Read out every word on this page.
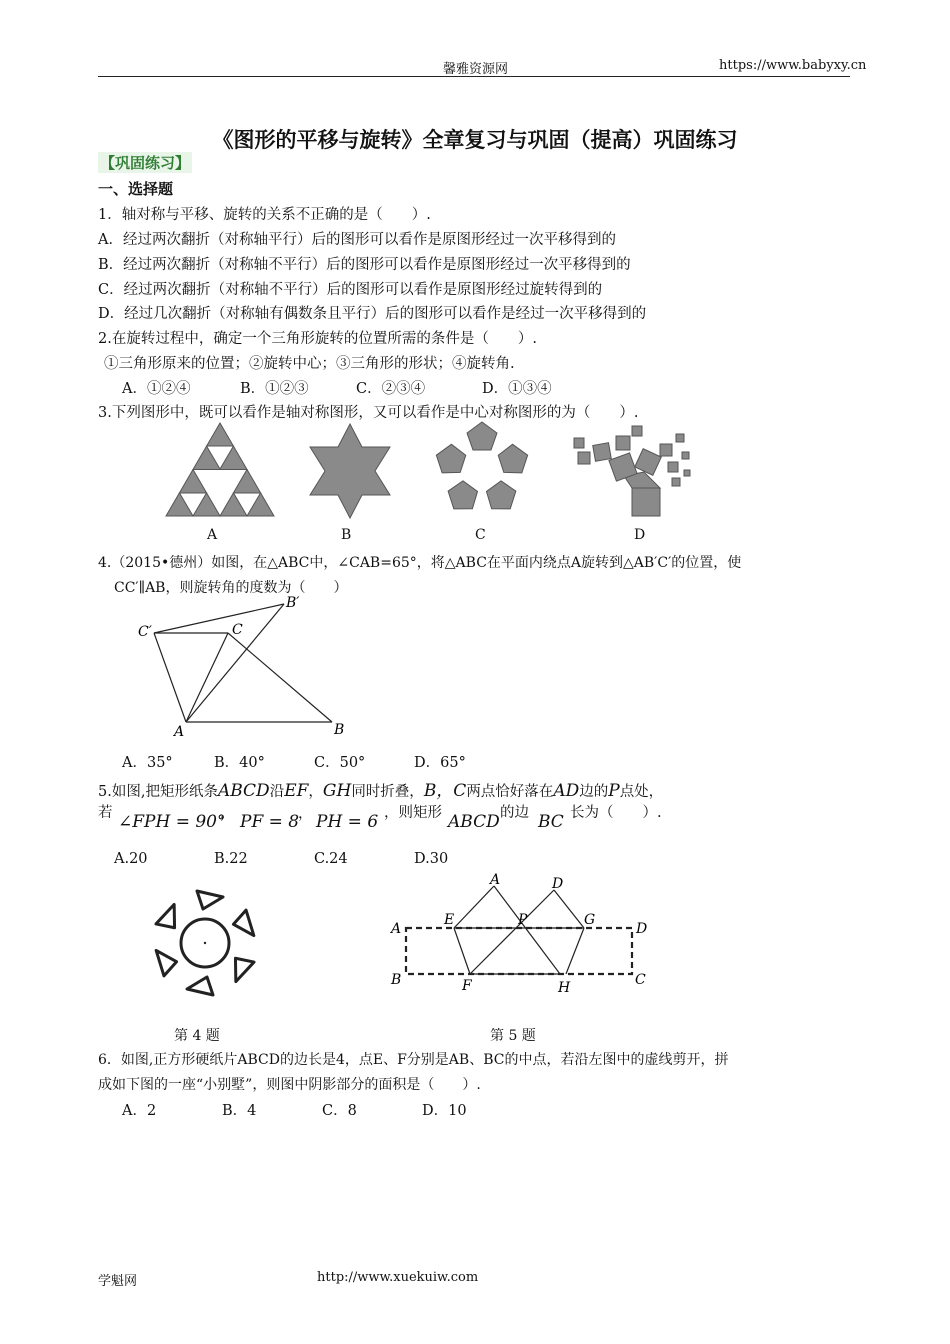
馨雅资源网	https://www.babyxy.cn
《图形的平移与旋转》全章复习与巩固（提高）巩固练习
【巩固练习】
一、选择题
1．轴对称与平移、旋转的关系不正确的是（　　）.
A．经过两次翻折（对称轴平行）后的图形可以看作是原图形经过一次平移得到的
B．经过两次翻折（对称轴不平行）后的图形可以看作是原图形经过一次平移得到的
C．经过两次翻折（对称轴不平行）后的图形可以看作是原图形经过旋转得到的
D．经过几次翻折（对称轴有偶数条且平行）后的图形可以看作是经过一次平移得到的
2.在旋转过程中，确定一个三角形旋转的位置所需的条件是（　　）.
①三角形原来的位置；②旋转中心；③三角形的形状；④旋转角.
A．①②④	B．①②③	C．②③④	D．①③④
3.下列图形中，既可以看作是轴对称图形，又可以看作是中心对称图形的为（　　）.
A	B	C	D
4.（2015•德州）如图，在△ABC中，∠CAB=65°，将△ABC在平面内绕点A旋转到△AB′C′的位置，使
CC′∥AB，则旋转角的度数为（　　）
A	B
C
B′
C′
A．35°	B．40°	C．50°	D．65°
5.如图,把矩形纸条ABCD沿EF，GH同时折叠，B，C两点恰好落在AD边的P点处，
若 ∠FPH = 90°
， PF = 8
， PH = 6 ，则矩形 ABCD 的边 BC 长为（　　）.
A.20	B.22	C.24	D.30
A
B	C
D
E
F
G
H
P
A	D
第 4 题	第 5 题
6．如图,正方形硬纸片ABCD的边长是4，点E、F分别是AB、BC的中点，若沿左图中的虚线剪开，拼
成如下图的一座“小别墅”，则图中阴影部分的面积是（　　）.
A．2	B．4	C．8	D．10
学魁网	http://www.xuekuiw.com
